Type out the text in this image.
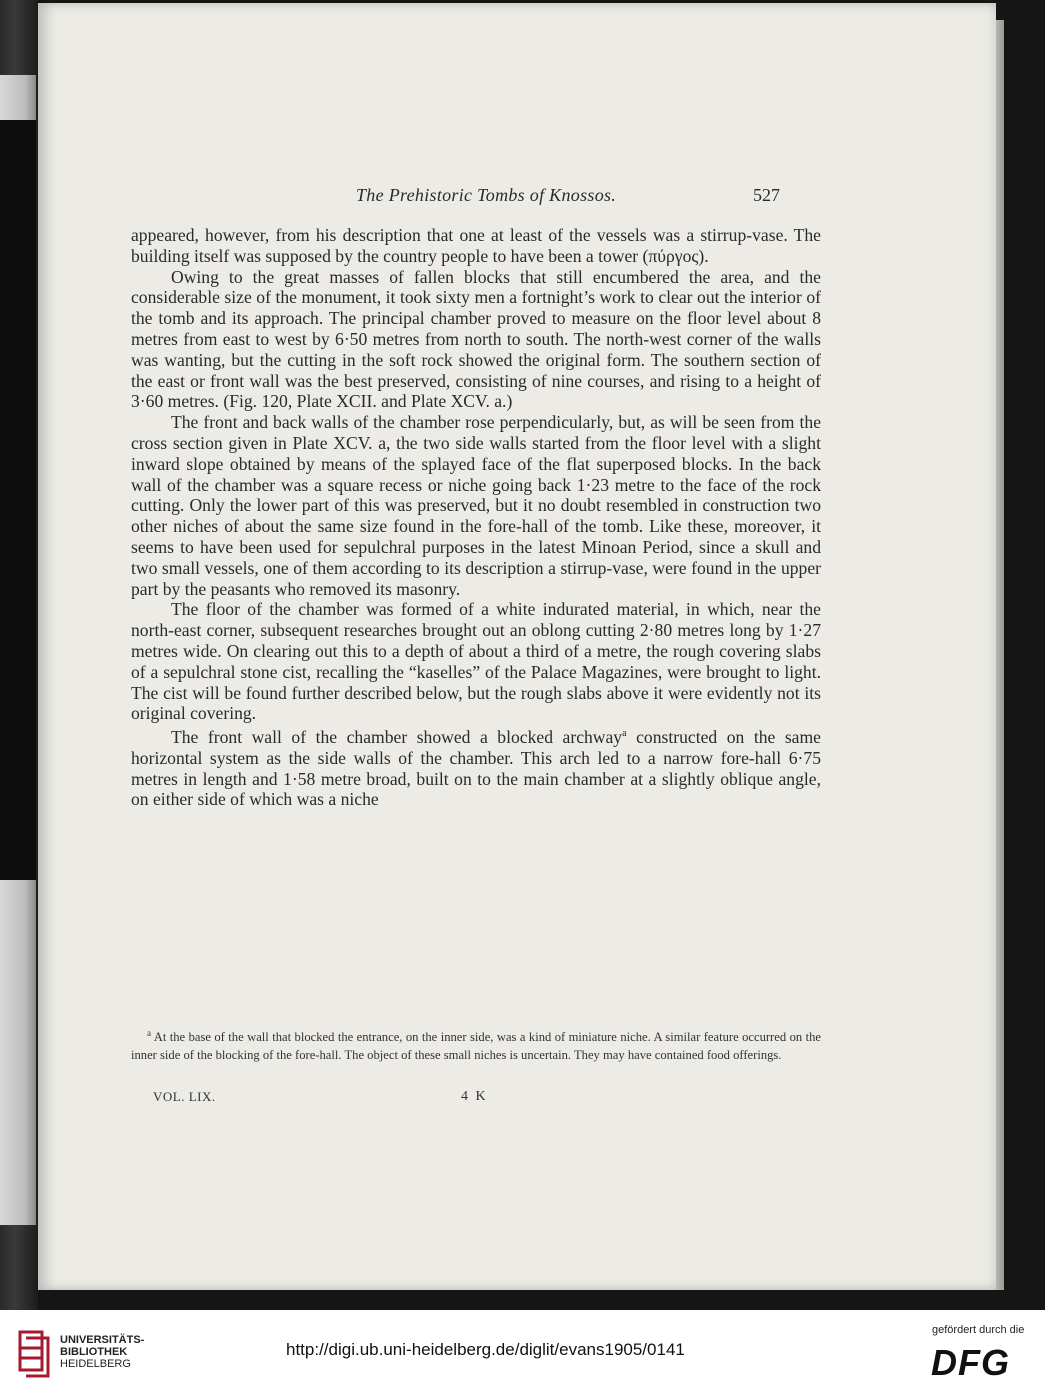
The Prehistoric Tombs of Knossos.	527

appeared, however, from his description that one at least of the vessels was a stirrup-vase. The building itself was supposed by the country people to have been a tower (πύργος).

Owing to the great masses of fallen blocks that still encumbered the area, and the considerable size of the monument, it took sixty men a fortnight’s work to clear out the interior of the tomb and its approach. The principal chamber proved to measure on the floor level about 8 metres from east to west by 6·50 metres from north to south. The north-west corner of the walls was wanting, but the cutting in the soft rock showed the original form. The southern section of the east or front wall was the best preserved, consisting of nine courses, and rising to a height of 3·60 metres. (Fig. 120, Plate XCII. and Plate XCV. a.)

The front and back walls of the chamber rose perpendicularly, but, as will be seen from the cross section given in Plate XCV. a, the two side walls started from the floor level with a slight inward slope obtained by means of the splayed face of the flat superposed blocks. In the back wall of the chamber was a square recess or niche going back 1·23 metre to the face of the rock cutting. Only the lower part of this was preserved, but it no doubt resembled in construction two other niches of about the same size found in the fore-hall of the tomb. Like these, moreover, it seems to have been used for sepulchral purposes in the latest Minoan Period, since a skull and two small vessels, one of them according to its description a stirrup-vase, were found in the upper part by the peasants who removed its masonry.

The floor of the chamber was formed of a white indurated material, in which, near the north-east corner, subsequent researches brought out an oblong cutting 2·80 metres long by 1·27 metres wide. On clearing out this to a depth of about a third of a metre, the rough covering slabs of a sepulchral stone cist, recalling the “kaselles” of the Palace Magazines, were brought to light. The cist will be found further described below, but the rough slabs above it were evidently not its original covering.

The front wall of the chamber showed a blocked archway$^a$ constructed on the same horizontal system as the side walls of the chamber. This arch led to a narrow fore-hall 6·75 metres in length and 1·58 metre broad, built on to the main chamber at a slightly oblique angle, on either side of which was a niche

$^a$ At the base of the wall that blocked the entrance, on the inner side, was a kind of miniature niche. A similar feature occurred on the inner side of the blocking of the fore-hall. The object of these small niches is uncertain. They may have contained food offerings.

VOL. LIX.	4 K
UNIVERSITÄTS-
BIBLIOTHEK
HEIDELBERG
http://digi.ub.uni-heidelberg.de/diglit/evans1905/0141
gefördert durch die
DFG
